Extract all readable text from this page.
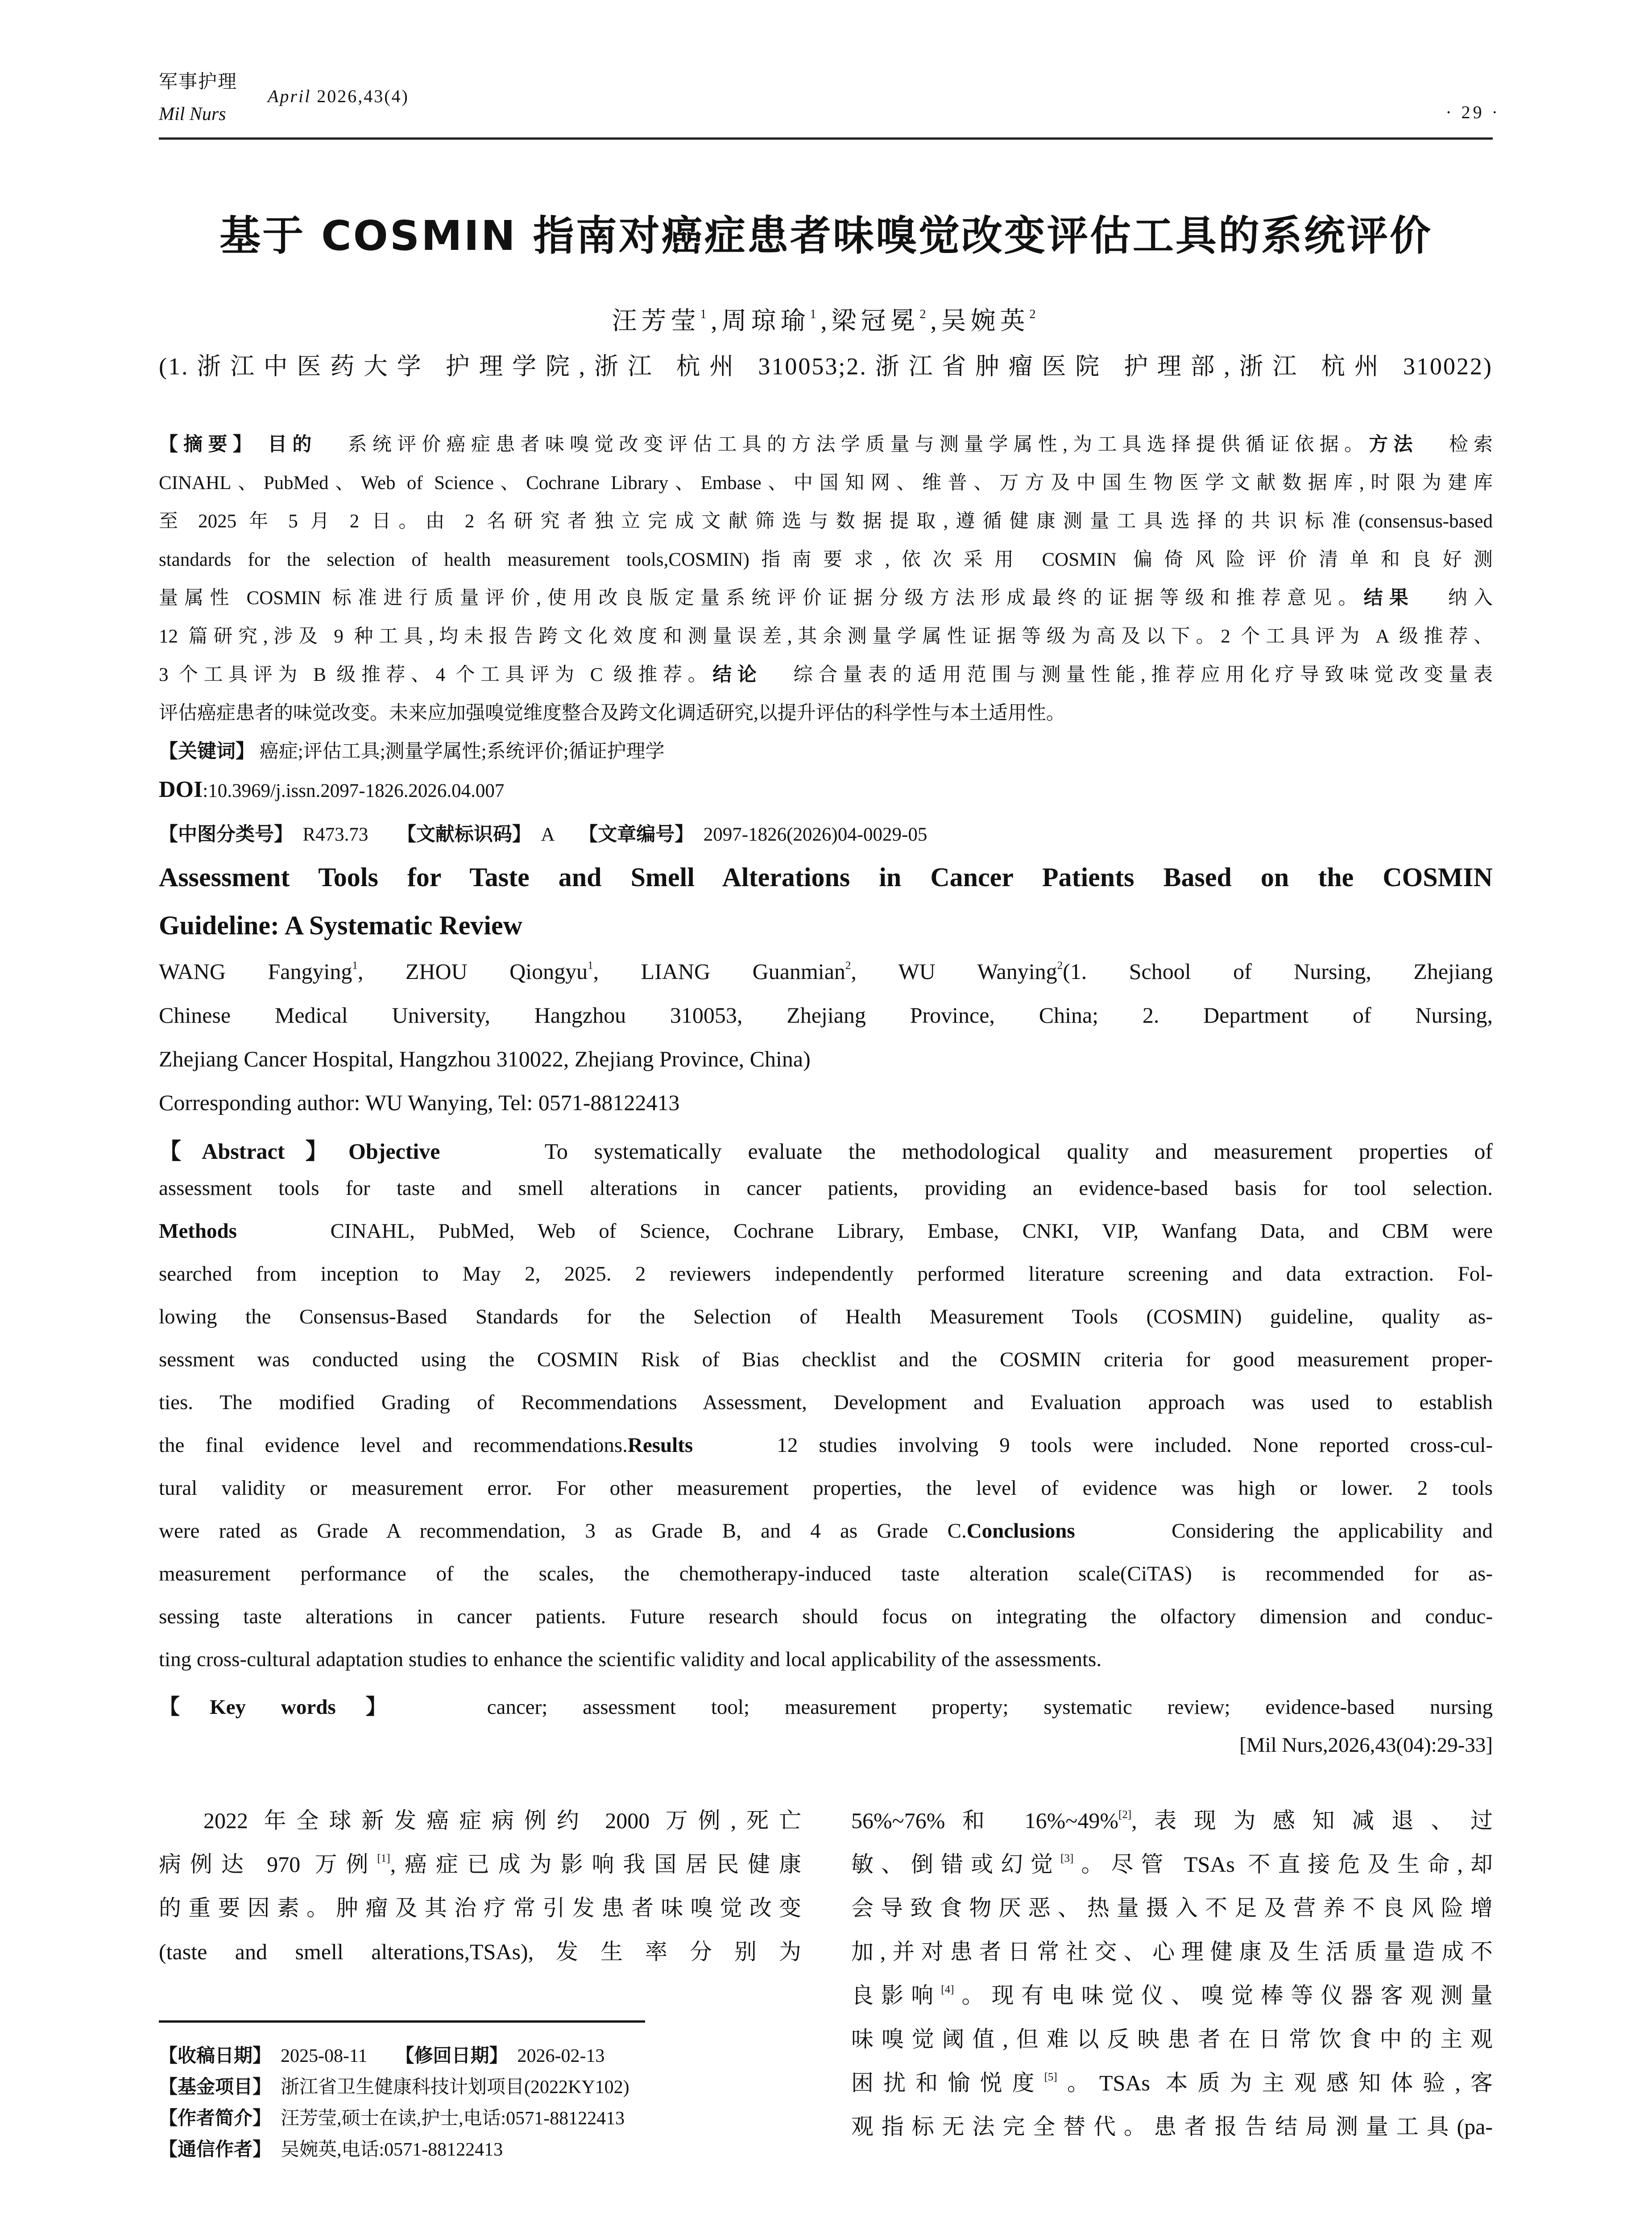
军事护理
Mil Nurs
April 2026,43(4)
· 29 ·
基于 COSMIN 指南对癌症患者味嗅觉改变评估工具的系统评价
汪芳莹$^1$,周琼瑜$^1$,梁冠冕$^2$,吴婉英$^2$
(1.浙江中医药大学 护理学院,浙江 杭州 310053;2.浙江省肿瘤医院 护理部,浙江 杭州 310022)
【摘要】 目的 系统评价癌症患者味嗅觉改变评估工具的方法学质量与测量学属性,为工具选择提供循证依据。方法 检索
CINAHL、PubMed、Web of Science、Cochrane Library、Embase、中国知网、维普、万方及中国生物医学文献数据库,时限为建库
至 2025 年 5 月 2 日。由 2 名研究者独立完成文献筛选与数据提取,遵循健康测量工具选择的共识标准(consensus-based
standards for the selection of health measurement tools,COSMIN)指南要求,依次采用 COSMIN 偏倚风险评价清单和良好测
量属性 COSMIN 标准进行质量评价,使用改良版定量系统评价证据分级方法形成最终的证据等级和推荐意见。结果 纳入
12 篇研究,涉及 9 种工具,均未报告跨文化效度和测量误差,其余测量学属性证据等级为高及以下。2 个工具评为 A 级推荐、
3 个工具评为 B 级推荐、4 个工具评为 C 级推荐。结论 综合量表的适用范围与测量性能,推荐应用化疗导致味觉改变量表
评估癌症患者的味觉改变。未来应加强嗅觉维度整合及跨文化调适研究,以提升评估的科学性与本土适用性。
【关键词】 癌症;评估工具;测量学属性;系统评价;循证护理学
DOI:10.3969/j.issn.2097-1826.2026.04.007
【中图分类号】 R473.73 【文献标识码】 A 【文章编号】 2097-1826(2026)04-0029-05
Assessment Tools for Taste and Smell Alterations in Cancer Patients Based on the COSMIN
Guideline: A Systematic Review
WANG Fangying$^1$, ZHOU Qiongyu$^1$, LIANG Guanmian$^2$, WU Wanying$^2$(1. School of Nursing, Zhejiang
Chinese Medical University, Hangzhou 310053, Zhejiang Province, China; 2. Department of Nursing,
Zhejiang Cancer Hospital, Hangzhou 310022, Zhejiang Province, China)
Corresponding author: WU Wanying, Tel: 0571-88122413
【Abstract】Objective	To systematically evaluate the methodological quality and measurement properties of
assessment tools for taste and smell alterations in cancer patients, providing an evidence-based basis for tool selection.
Methods	CINAHL, PubMed, Web of Science, Cochrane Library, Embase, CNKI, VIP, Wanfang Data, and CBM were
searched from inception to May 2, 2025. 2 reviewers independently performed literature screening and data extraction. Fol-
lowing the Consensus-Based Standards for the Selection of Health Measurement Tools (COSMIN) guideline, quality as-
sessment was conducted using the COSMIN Risk of Bias checklist and the COSMIN criteria for good measurement proper-
ties. The modified Grading of Recommendations Assessment, Development and Evaluation approach was used to establish
the final evidence level and recommendations.Results	12 studies involving 9 tools were included. None reported cross-cul-
tural validity or measurement error. For other measurement properties, the level of evidence was high or lower. 2 tools
were rated as Grade A recommendation, 3 as Grade B, and 4 as Grade C.Conclusions	Considering the applicability and
measurement performance of the scales, the chemotherapy-induced taste alteration scale(CiTAS) is recommended for as-
sessing taste alterations in cancer patients. Future research should focus on integrating the olfactory dimension and conduc-
ting cross-cultural adaptation studies to enhance the scientific validity and local applicability of the assessments.
【Key words】	cancer; assessment tool; measurement property; systematic review; evidence-based nursing
[Mil Nurs,2026,43(04):29-33]
2022 年全球新发癌症病例约 2000 万例,死亡
病例达 970 万例[1],癌症已成为影响我国居民健康
的重要因素。肿瘤及其治疗常引发患者味嗅觉改变
(taste and smell alterations,TSAs),发生率分别为
【收稿日期】 2025-08-11 【修回日期】 2026-02-13
【基金项目】 浙江省卫生健康科技计划项目(2022KY102)
【作者简介】 汪芳莹,硕士在读,护士,电话:0571-88122413
【通信作者】 吴婉英,电话:0571-88122413
56%~76%和 16%~49%[2],表现为感知减退、过
敏、倒错或幻觉[3]。尽管 TSAs 不直接危及生命,却
会导致食物厌恶、热量摄入不足及营养不良风险增
加,并对患者日常社交、心理健康及生活质量造成不
良影响[4]。现有电味觉仪、嗅觉棒等仪器客观测量
味嗅觉阈值,但难以反映患者在日常饮食中的主观
困扰和愉悦度[5]。TSAs 本质为主观感知体验,客
观指标无法完全替代。患者报告结局测量工具(pa-
